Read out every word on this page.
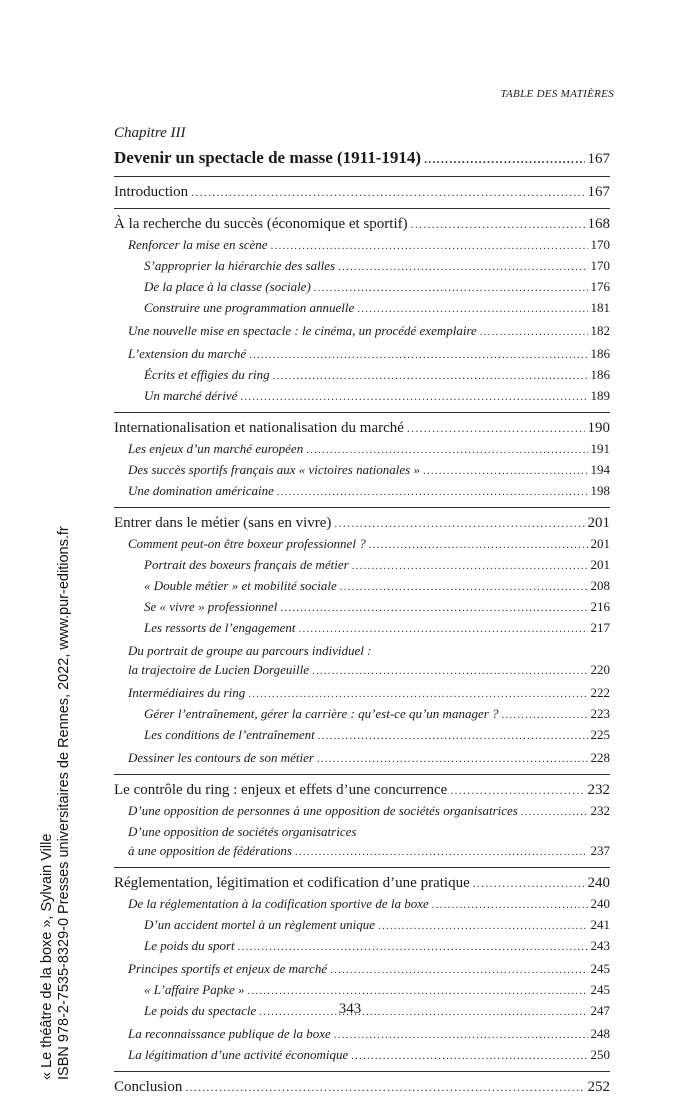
TABLE DES MATIÈRES
Chapitre III
Devenir un spectacle de masse (1911-1914) .....	167
Introduction .....	167
À la recherche du succès (économique et sportif) .....	168
Renforcer la mise en scène .....	170
S’approprier la hiérarchie des salles .....	170
De la place à la classe (sociale) .....	176
Construire une programmation annuelle .....	181
Une nouvelle mise en spectacle : le cinéma, un procédé exemplaire .....	182
L’extension du marché .....	186
Écrits et effigies du ring .....	186
Un marché dérivé .....	189
Internationalisation et nationalisation du marché .....	190
Les enjeux d’un marché européen .....	191
Des succès sportifs français aux « victoires nationales » .....	194
Une domination américaine .....	198
Entrer dans le métier (sans en vivre) .....	201
Comment peut-on être boxeur professionnel ? .....	201
Portrait des boxeurs français de métier .....	201
« Double métier » et mobilité sociale .....	208
Se « vivre » professionnel .....	216
Les ressorts de l’engagement .....	217
Du portrait de groupe au parcours individuel :
la trajectoire de Lucien Dorgeuille .....	220
Intermédiaires du ring .....	222
Gérer l’entraînement, gérer la carrière : qu’est-ce qu’un manager ? .....	223
Les conditions de l’entraînement .....	225
Dessiner les contours de son métier .....	228
Le contrôle du ring : enjeux et effets d’une concurrence .....	232
D’une opposition de personnes à une opposition de sociétés organisatrices .....	232
D’une opposition de sociétés organisatrices
à une opposition de fédérations .....	237
Réglementation, légitimation et codification d’une pratique .....	240
De la réglementation à la codification sportive de la boxe .....	240
D’un accident mortel à un règlement unique .....	241
Le poids du sport .....	243
Principes sportifs et enjeux de marché .....	245
« L’affaire Papke » .....	245
Le poids du spectacle .....	247
La reconnaissance publique de la boxe .....	248
La légitimation d’une activité économique .....	250
Conclusion .....	252
343
« Le théâtre de la boxe », Sylvain Ville ISBN 978-2-7535-8329-0 Presses universitaires de Rennes, 2022, www.pur-editions.fr
